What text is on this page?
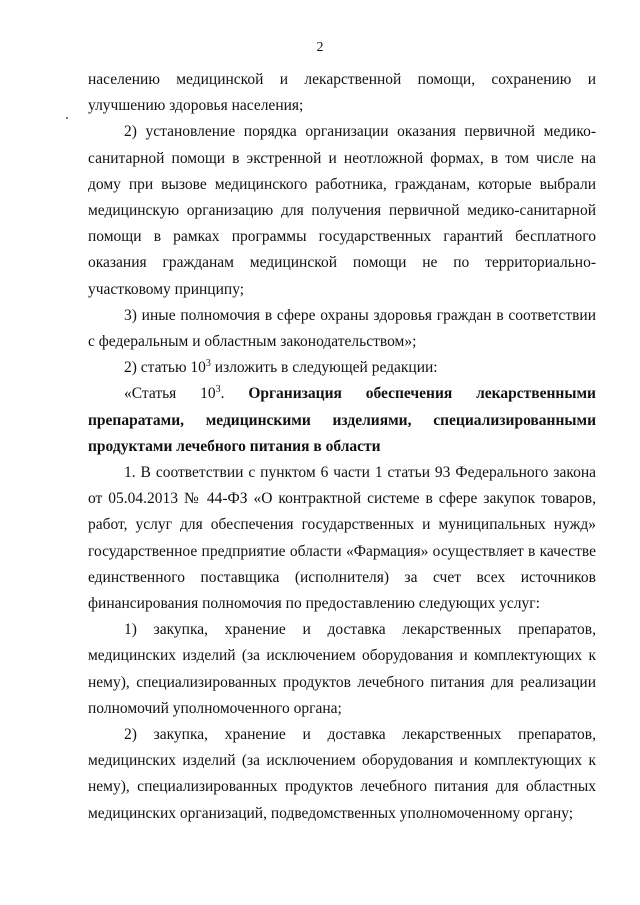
2

населению медицинской и лекарственной помощи, сохранению и улучшению здоровья населения;

2) установление порядка организации оказания первичной медико-санитарной помощи в экстренной и неотложной формах, в том числе на дому при вызове медицинского работника, гражданам, которые выбрали медицинскую организацию для получения первичной медико-санитарной помощи в рамках программы государственных гарантий бесплатного оказания гражданам медицинской помощи не по территориально-участковому принципу;

3) иные полномочия в сфере охраны здоровья граждан в соответствии с федеральным и областным законодательством»;

2) статью $10^3$ изложить в следующей редакции:

«Статья $10^3$. Организация обеспечения лекарственными
препаратами, медицинскими изделиями, специализированными

продуктами лечебного питания в области

1. В соответствии с пунктом 6 части 1 статьи 93 Федерального закона от 05.04.2013 № 44-ФЗ «О контрактной системе в сфере закупок товаров, работ, услуг для обеспечения государственных и муниципальных нужд» государственное предприятие области «Фармация» осуществляет в качестве единственного поставщика (исполнителя) за счет всех источников финансирования полномочия по предоставлению следующих услуг:

1) закупка, хранение и доставка лекарственных препаратов, медицинских изделий (за исключением оборудования и комплектующих к нему), специализированных продуктов лечебного питания для реализации полномочий уполномоченного органа;

2) закупка, хранение и доставка лекарственных препаратов, медицинских изделий (за исключением оборудования и комплектующих к нему), специализированных продуктов лечебного питания для областных медицинских организаций, подведомственных уполномоченному органу;
